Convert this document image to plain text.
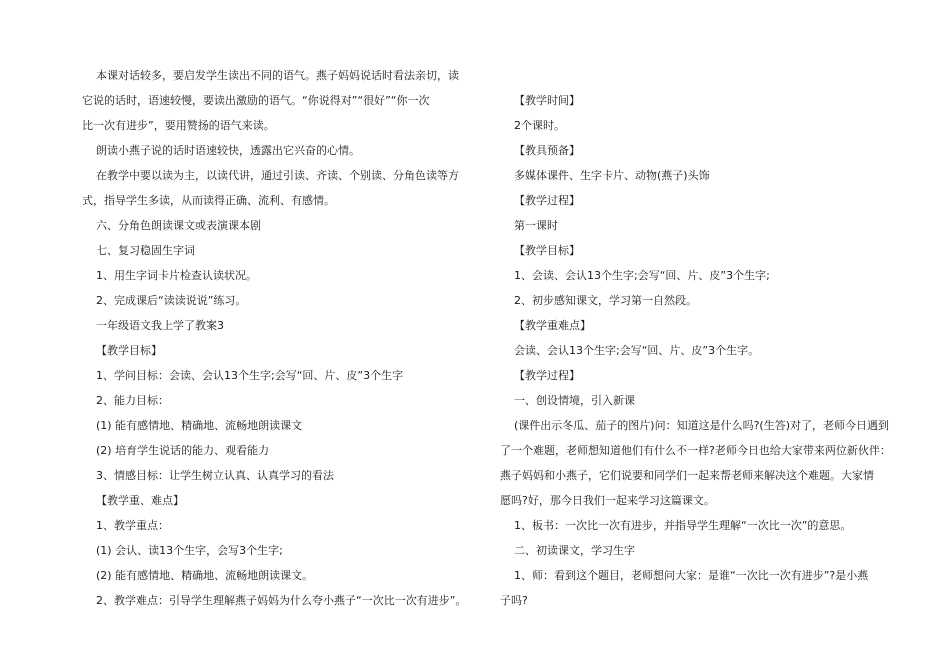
本课对话较多，要启发学生读出不同的语气。燕子妈妈说话时看法亲切，读
它说的话时，语速较慢，要读出激励的语气。“你说得对”“很好”“你一次
比一次有进步”，要用赞扬的语气来读。
朗读小燕子说的话时语速较快，透露出它兴奋的心情。
在教学中要以读为主，以读代讲，通过引读、齐读、个别读、分角色读等方
式，指导学生多读，从而读得正确、流利、有感情。
六、分角色朗读课文或表演课本剧
七、复习稳固生字词
1、用生字词卡片检查认读状况。
2、完成课后“读读说说”练习。
一年级语文我上学了教案3
【教学目标】
1、学问目标：会读、会认13个生字;会写“回、片、皮”3个生字
2、能力目标：
(1) 能有感情地、精确地、流畅地朗读课文
(2) 培育学生说话的能力、观看能力
3、情感目标：让学生树立认真、认真学习的看法
【教学重、难点】
1、教学重点：
(1) 会认、读13个生字，会写3个生字;
(2) 能有感情地、精确地、流畅地朗读课文。
2、教学难点：引导学生理解燕子妈妈为什么夸小燕子“一次比一次有进步”。
【教学时间】
2个课时。
【教具预备】
多媒体课件、生字卡片、动物(燕子)头饰
【教学过程】
第一课时
【教学目标】
1、会读、会认13个生字;会写“回、片、皮”3个生字;
2、初步感知课文，学习第一自然段。
【教学重难点】
会读、会认13个生字;会写“回、片、皮”3个生字。
【教学过程】
一、创设情境，引入新课
(课件出示冬瓜、茄子的图片)问：知道这是什么吗?(生答)对了，老师今日遇到
了一个难题，老师想知道他们有什么不一样?老师今日也给大家带来两位新伙伴：
燕子妈妈和小燕子，它们说要和同学们一起来帮老师来解决这个难题。大家情
愿吗?好，那今日我们一起来学习这篇课文。
1、板书：一次比一次有进步，并指导学生理解“一次比一次”的意思。
二、初读课文，学习生字
1、师：看到这个题目，老师想问大家：是谁“一次比一次有进步”?是小燕
子吗?
